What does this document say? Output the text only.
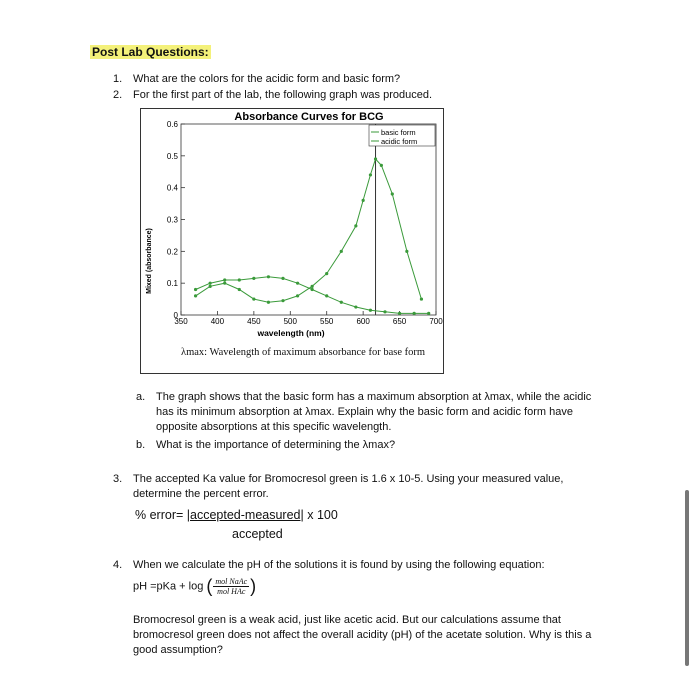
Post Lab Questions:
1. What are the colors for the acidic form and basic form?
2. For the first part of the lab, the following graph was produced.
Absorbance Curves for BCG
Mixed (absorbance)
wavelength (nm)
0
0.1
0.2
0.3
0.4
0.5
0.6
350	400	450	500	550	600	650	700
basic form
acidic form
λmax: Wavelength of maximum absorbance for base form
a. The graph shows that the basic form has a maximum absorption at λmax, while the acidic has its minimum absorption at λmax. Explain why the basic form and acidic form have opposite absorptions at this specific wavelength.
b. What is the importance of determining the λmax?
3. The accepted Ka value for Bromocresol green is 1.6 x 10-5. Using your measured value,
determine the percent error.
% error= |accepted-measured| x 100
accepted
4. When we calculate the pH of the solutions it is found by using the following equation:
pH =pKa + log ( $\frac{\text{mol NaAc}}{\text{mol HAc}}$ )
Bromocresol green is a weak acid, just like acetic acid. But our calculations assume that bromocresol green does not affect the overall acidity (pH) of the acetate solution. Why is this a good assumption?
